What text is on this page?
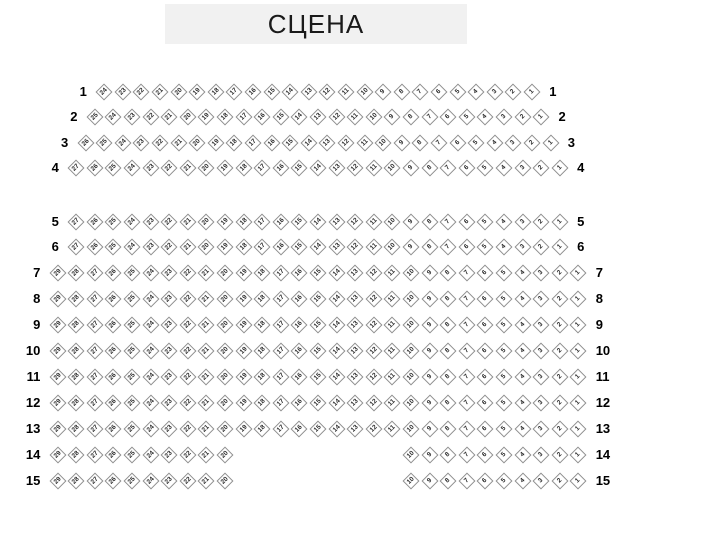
СЦЕНА
1	1
24 23 22 21 20 19 18 17 16 15 14 13 12 11 10 9 8 7 6 5 4 3 2 1
2	2
25 24 23 22 21 20 19 18 17 16 15 14 13 12 11 10 9 8 7 6 5 4 3 2 1
3	3
26 25 24 23 22 21 20 19 18 17 16 15 14 13 12 11 10 9 8 7 6 5 4 3 2 1
4	4
27 26 25 24 23 22 21 20 19 18 17 16 15 14 13 12 11 10 9 8 7 6 5 4 3 2 1
5	5
27 26 25 24 23 22 21 20 19 18 17 16 15 14 13 12 11 10 9 8 7 6 5 4 3 2 1
6	6
27 26 25 24 23 22 21 20 19 18 17 16 15 14 13 12 11 10 9 8 7 6 5 4 3 2 1
7	7
29 28 27 26 25 24 23 22 21 20 19 18 17 16 15 14 13 12 11 10 9 8 7 6 5 4 3 2 1
8	8
29 28 27 26 25 24 23 22 21 20 19 18 17 16 15 14 13 12 11 10 9 8 7 6 5 4 3 2 1
9	9
29 28 27 26 25 24 23 22 21 20 19 18 17 16 15 14 13 12 11 10 9 8 7 6 5 4 3 2 1
10	10
29 28 27 26 25 24 23 22 21 20 19 18 17 16 15 14 13 12 11 10 9 8 7 6 5 4 3 2 1
11	11
29 28 27 26 25 24 23 22 21 20 19 18 17 16 15 14 13 12 11 10 9 8 7 6 5 4 3 2 1
12	12
29 28 27 26 25 24 23 22 21 20 19 18 17 16 15 14 13 12 11 10 9 8 7 6 5 4 3 2 1
13	13
29 28 27 26 25 24 23 22 21 20 19 18 17 16 15 14 13 12 11 10 9 8 7 6 5 4 3 2 1
14	14
29 28 27 26 25 24 23 22 21 20	10 9 8 7 6 5 4 3 2 1
15	15
29 28 27 26 25 24 23 22 21 20	10 9 8 7 6 5 4 3 2 1
